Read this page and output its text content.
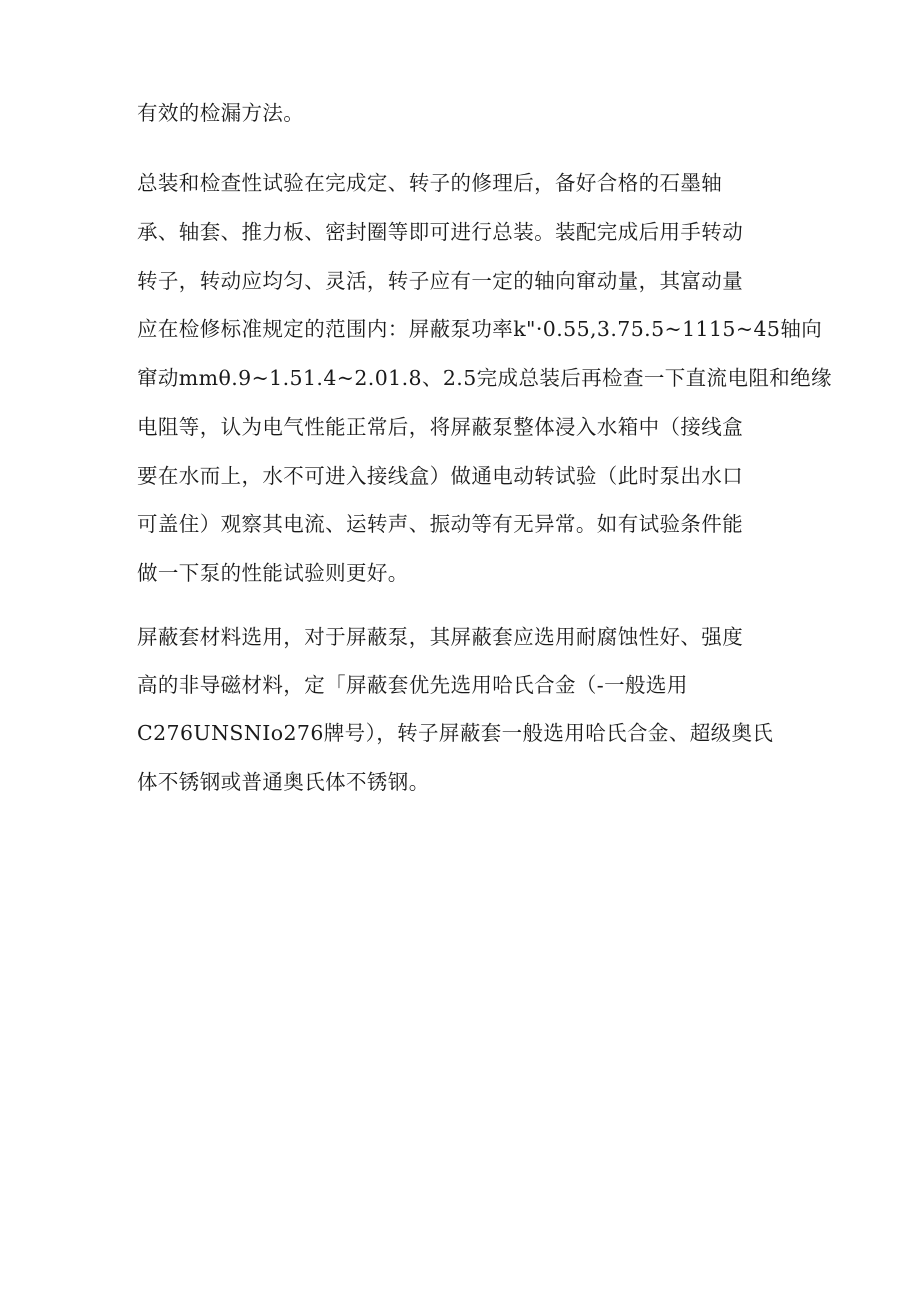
有效的检漏方法。
总装和检查性试验在完成定、转子的修理后，备好合格的石墨轴
承、轴套、推力板、密封圈等即可进行总装。装配完成后用手转动
转子，转动应均匀、灵活，转子应有一定的轴向窜动量，其富动量
应在检修标准规定的范围内：屏蔽泵功率k"·0.55,3.75.5~1115~45轴向
窜动mmθ.9~1.51.4~2.01.8、2.5完成总装后再检查一下直流电阻和绝缘
电阻等，认为电气性能正常后，将屏蔽泵整体浸入水箱中（接线盒
要在水而上，水不可进入接线盒）做通电动转试验（此时泵出水口
可盖住）观察其电流、运转声、振动等有无异常。如有试验条件能
做一下泵的性能试验则更好。
屏蔽套材料选用，对于屏蔽泵，其屏蔽套应选用耐腐蚀性好、强度
高的非导磁材料，定「屏蔽套优先选用哈氏合金（-一般选用
C276UNSNIo276牌号），转子屏蔽套一般选用哈氏合金、超级奥氏
体不锈钢或普通奥氏体不锈钢。
